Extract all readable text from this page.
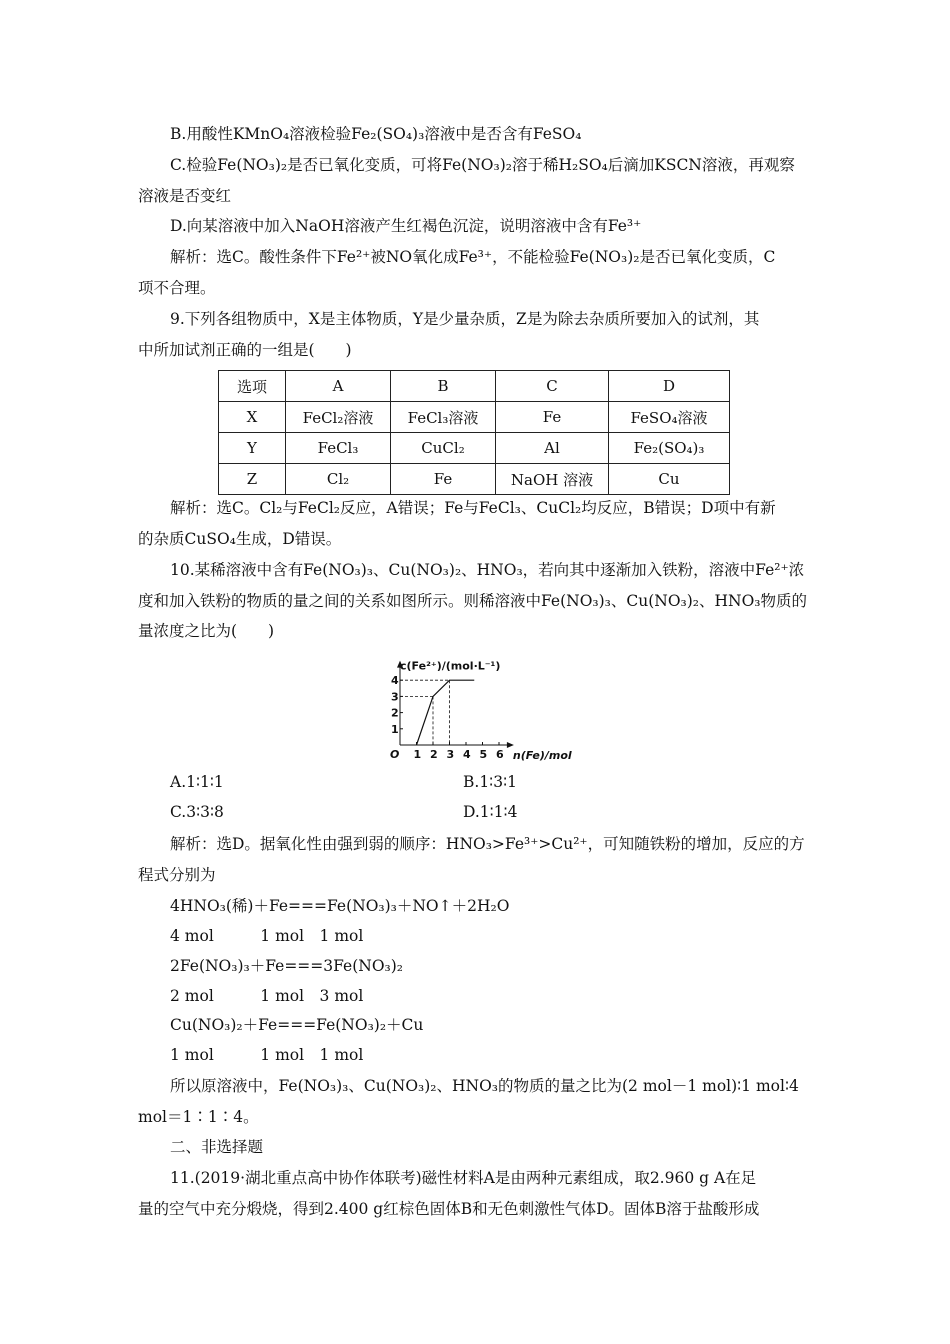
B.用酸性KMnO₄溶液检验Fe₂(SO₄)₃溶液中是否含有FeSO₄
C.检验Fe(NO₃)₂是否已氧化变质，可将Fe(NO₃)₂溶于稀H₂SO₄后滴加KSCN溶液，再观察
溶液是否变红
D.向某溶液中加入NaOH溶液产生红褐色沉淀，说明溶液中含有Fe³⁺
解析：选C。酸性条件下Fe²⁺被NO氧化成Fe³⁺，不能检验Fe(NO₃)₂是否已氧化变质，C
项不合理。
9.下列各组物质中，X是主体物质，Y是少量杂质，Z是为除去杂质所要加入的试剂，其
中所加试剂正确的一组是(　　)
选项	A	B	C	D
X	FeCl₂溶液	FeCl₃溶液	Fe	FeSO₄溶液
Y	FeCl₃	CuCl₂	Al	Fe₂(SO₄)₃
Z	Cl₂	Fe	NaOH 溶液	Cu
解析：选C。Cl₂与FeCl₂反应，A错误；Fe与FeCl₃、CuCl₂均反应，B错误；D项中有新
的杂质CuSO₄生成，D错误。
10.某稀溶液中含有Fe(NO₃)₃、Cu(NO₃)₂、HNO₃，若向其中逐渐加入铁粉，溶液中Fe²⁺浓
度和加入铁粉的物质的量之间的关系如图所示。则稀溶液中Fe(NO₃)₃、Cu(NO₃)₂、HNO₃物质的
量浓度之比为(　　)
O 1 2 3 4 5 6
1
2
3
4
c(Fe²⁺)/(mol·L⁻¹)
n(Fe)/mol
A.1∶1∶1	B.1∶3∶1
C.3∶3∶8	D.1∶1∶4
解析：选D。据氧化性由强到弱的顺序：HNO₃>Fe³⁺>Cu²⁺，可知随铁粉的增加，反应的方
程式分别为
4HNO₃(稀)＋Fe===Fe(NO₃)₃＋NO↑＋2H₂O
4 mol　　　1 mol　1 mol
2Fe(NO₃)₃＋Fe===3Fe(NO₃)₂
2 mol　　　1 mol　3 mol
Cu(NO₃)₂＋Fe===Fe(NO₃)₂＋Cu
1 mol　　　1 mol　1 mol
所以原溶液中，Fe(NO₃)₃、Cu(NO₃)₂、HNO₃的物质的量之比为(2 mol－1 mol)∶1 mol∶4
mol＝1∶1∶4。
二、非选择题
11.(2019·湖北重点高中协作体联考)磁性材料A是由两种元素组成，取2.960 g A在足
量的空气中充分煅烧，得到2.400 g红棕色固体B和无色刺激性气体D。固体B溶于盐酸形成
